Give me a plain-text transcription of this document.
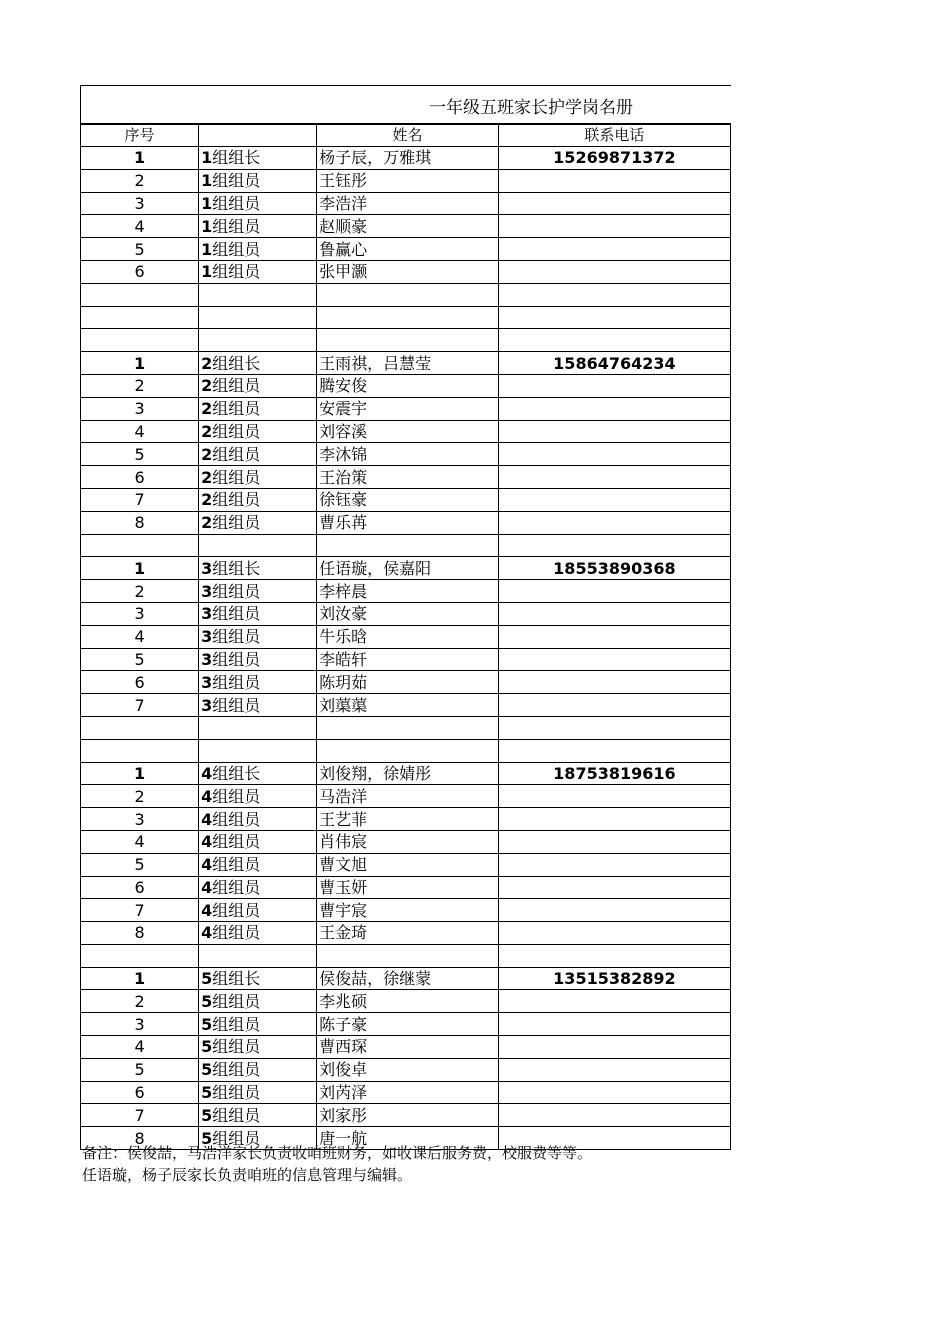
一年级五班家长护学岗名册
序号		姓名	联系电话
1	1组组长	杨子辰，万雅琪	15269871372
2	1组组员	王钰彤	
3	1组组员	李浩洋	
4	1组组员	赵顺豪	
5	1组组员	鲁赢心	
6	1组组员	张甲灏	

1	2组组长	王雨祺，吕慧莹	15864764234
2	2组组员	腾安俊	
3	2组组员	安震宇	
4	2组组员	刘容溪	
5	2组组员	李沐锦	
6	2组组员	王治策	
7	2组组员	徐钰豪	
8	2组组员	曹乐苒	

1	3组组长	任语璇，侯嘉阳	18553890368
2	3组组员	李梓晨	
3	3组组员	刘汝豪	
4	3组组员	牛乐晗	
5	3组组员	李皓轩	
6	3组组员	陈玥茹	
7	3组组员	刘蕖蕖	

1	4组组长	刘俊翔，徐婧彤	18753819616
2	4组组员	马浩洋	
3	4组组员	王艺菲	
4	4组组员	肖伟宸	
5	4组组员	曹文旭	
6	4组组员	曹玉妍	
7	4组组员	曹宇宸	
8	4组组员	王金琦	

1	5组组长	侯俊喆，徐继蒙	13515382892
2	5组组员	李兆硕	
3	5组组员	陈子豪	
4	5组组员	曹西琛	
5	5组组员	刘俊卓	
6	5组组员	刘芮泽	
7	5组组员	刘家彤	
8	5组组员	唐一航	
备注：侯俊喆，马浩洋家长负责收咱班财务，如收课后服务费，校服费等等。
任语璇，杨子辰家长负责咱班的信息管理与编辑。
